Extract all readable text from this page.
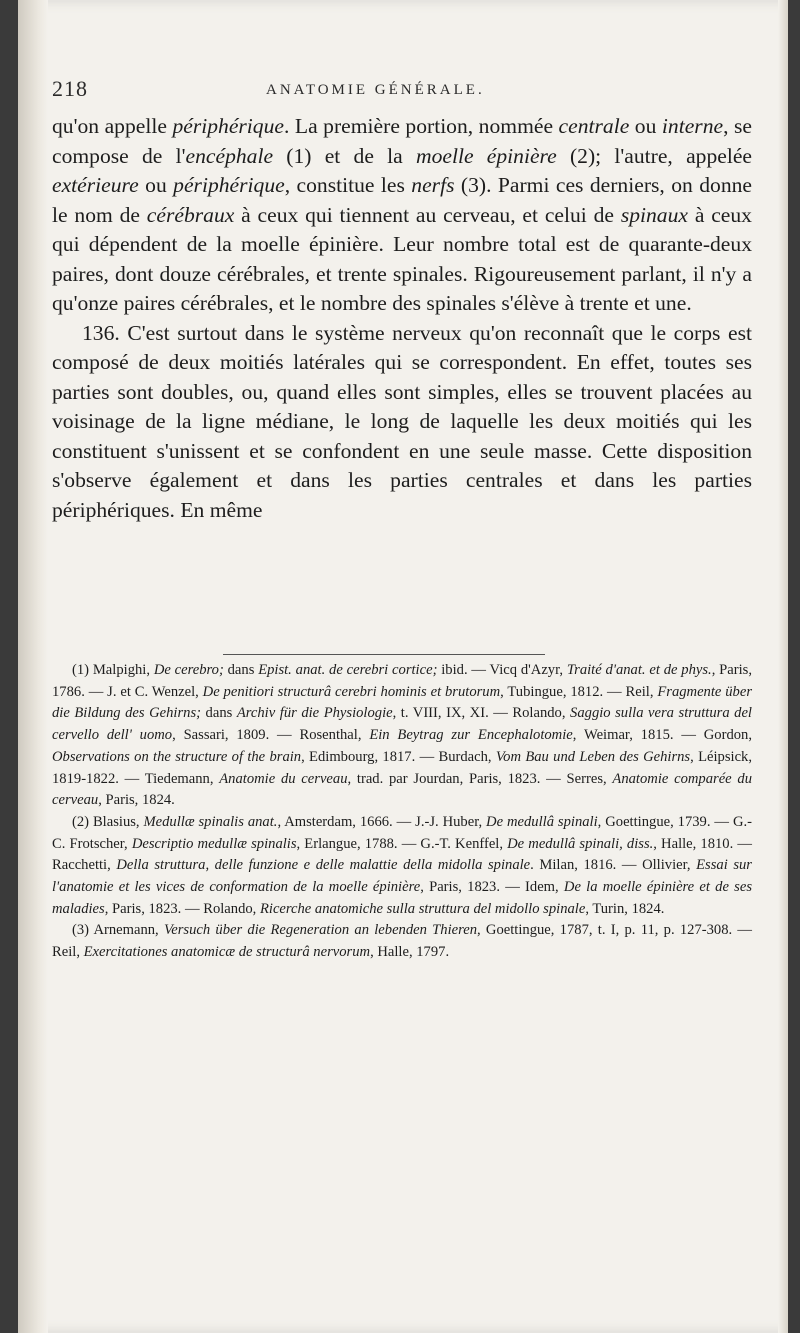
218	ANATOMIE GÉNÉRALE.

qu'on appelle périphérique. La première portion, nommée centrale ou interne, se compose de l'encéphale (1) et de la moelle épinière (2); l'autre, appelée extérieure ou périphérique, constitue les nerfs (3). Parmi ces derniers, on donne le nom de cérébraux à ceux qui tiennent au cerveau, et celui de spinaux à ceux qui dépendent de la moelle épinière. Leur nombre total est de quarante-deux paires, dont douze cérébrales, et trente spinales. Rigoureusement parlant, il n'y a qu'onze paires cérébrales, et le nombre des spinales s'élève à trente et une.

136. C'est surtout dans le système nerveux qu'on reconnaît que le corps est composé de deux moitiés latérales qui se correspondent. En effet, toutes ses parties sont doubles, ou, quand elles sont simples, elles se trouvent placées au voisinage de la ligne médiane, le long de laquelle les deux moitiés qui les constituent s'unissent et se confondent en une seule masse. Cette disposition s'observe également et dans les parties centrales et dans les parties périphériques. En même

(1) Malpighi, De cerebro; dans Epist. anat. de cerebri cortice; ibid. — Vicq d'Azyr, Traité d'anat. et de phys., Paris, 1786. — J. et C. Wenzel, De penitiori structurâ cerebri hominis et brutorum, Tubingue, 1812. — Reil, Fragmente über die Bildung des Gehirns; dans Archiv für die Physiologie, t. VIII, IX, XI. — Rolando, Saggio sulla vera struttura del cervello dell' uomo, Sassari, 1809. — Rosenthal, Ein Beytrag zur Encephalotomie, Weimar, 1815. — Gordon, Observations on the structure of the brain, Edimbourg, 1817. — Burdach, Vom Bau und Leben des Gehirns, Léipsick, 1819-1822. — Tiedemann, Anatomie du cerveau, trad. par Jourdan, Paris, 1823. — Serres, Anatomie comparée du cerveau, Paris, 1824.

(2) Blasius, Medullæ spinalis anat., Amsterdam, 1666. — J.-J. Huber, De medullâ spinali, Goettingue, 1739. — G.-C. Frotscher, Descriptio medullæ spinalis, Erlangue, 1788. — G.-T. Kenffel, De medullâ spinali, diss., Halle, 1810. — Racchetti, Della struttura, delle funzione e delle malattie della midolla spinale. Milan, 1816. — Ollivier, Essai sur l'anatomie et les vices de conformation de la moelle épinière, Paris, 1823. — Idem, De la moelle épinière et de ses maladies, Paris, 1823. — Rolando, Ricerche anatomiche sulla struttura del midollo spinale, Turin, 1824.

(3) Arnemann, Versuch über die Regeneration an lebenden Thieren, Goettingue, 1787, t. I, p. 11, p. 127-308. — Reil, Exercitationes anatomicæ de structurâ nervorum, Halle, 1797.
